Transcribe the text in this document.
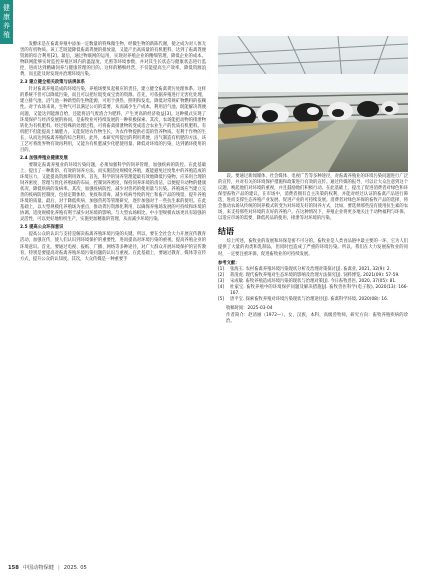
健
康
养
殖

发酵床是在畜禽养殖中添加一定数量的特殊微生物，经微生物的新陈代谢，使之成为对人体无害的有机物质。该工艺既能降低畜禽粪便的排放量，又能产出高质量的有机肥料，达到了畜禽粪便资源的综合利用[2]。最后，通过物联网的运用，实现对养殖企业的精细管理，降低企业的成本。物联网能够实时监控养殖区域内的温湿度、光照等环境参数，并对其生长状态与健康状态进行监控，进而达到精确饲养与健康管理的目的。这样的精细经营，不仅能提高生产效率，降低资源浪费，而且能及时发现并治理环境污染。

2.3 建立健全相关政策与法规体系

针对畜禽养殖造成的环境污染，养殖场要负起相应的责任，建立健全畜禽粪污处理体系。这样的系统不但可以降低污染，而且可以把垃圾变成宝贵的资源。首先，可依据养殖进行无害化处理，建立排气池、沼气池一种新型的生物能源，可用于供热、照明和发电。降低对常规矿物燃料的依赖性。对于农场来说，生物气可以满足公司的需要，从而减少生产成本，利用沼气池，既能解决粪便问题，又能达到能源自给，还能将沼气废渣合为肥料，产生更高的经济收益[3]。这种模式实现了环境保护与经济发展的协同，是畜牧业可持续发展的一种积极探索。其次，农场能把动物的排泄物转化为有机肥料。经过特殊的处理过程，可将畜禽排泄物转变成适合农业生产的优质有机肥料。有机肥不但能提高土壤肥力，又能促进农作物生长，为农作物提供必需的营养物质。有利于作物的生长，从而达到畜禽养殖的综合利用。此外，本研究所提出的利用粪便、沼气制造有机肥的方法，该工艺可将废弃物有效再利用，又能为有机肥减少化肥使用量。降低对环境的污染，达到循环使用的目的。

2.4 加强养殖业健康发展

要制定畜禽养殖业的环境污染问题，必须加强科学的饲养管理，加强疾病的防控。在此基础上，提出了一种新的、有效的饲养方法。而实施适度规模化养殖，既能避免过度集中的养殖造成的环境压力，又能提高资源利用效率。首先，科学的饲养管理能最有效地降低污染物。应采用合理的饲养密度、管理与优化养殖场的布局，控制饲养密度，保持饲养环境的清洁，以便提升动物的健康状况，降低疾病的发病率。其次，加强疫病防控，减少对兽药的使用量与污染。养殖场应当建立完善的疫病防控制度，包括定期体检、免疫和消毒，减少疾病导致的死亡和畜产品的残留，提升养殖环境的质量。最后，对于降低疾病、加强兽药等管理研究，逐步加强对于一些抗生素的使用。在此基础上，以大型规模化养殖场为重点，推动粪污资源化利用，以确保养殖场发展的可持续和环境的协调。适度规模化养殖有利于减少对环境的影响。与大型农场相比，中小型规模农场更具有较强的灵活性，可以更好地组织生产，实施更加精准的管理，从而减少环境污染。

2.5 提高公众环保意识

提高公众的认识与支持是解决畜禽养殖环境污染的关键。所以，要在全社会大力开展宣传教育活动，加强宣传，使人们认识到环境保护的重要性，进而提高对环境污染的重视，提高养殖企业的环境意识。首先，要通过电视、报纸、广播、网络等多种途径，对广大群众开展环境保护的宣传教育，特别是要提高对畜禽养殖环境污染问题的认识与重视。在此基础上，要通过教育、媒体等宣传方式，提升公众的认知度。其次，大众传媒是一种重要手

段。要通过新闻媒体、社会媒体、电视广告等多种途径，对畜禽养殖业的环境污染问题进行广泛的宣传，并对有关的环境保护措施和政策进行有效的宣传。通过传媒的报导，可以让大众注意到这个议题，唤起他们对环境的重视，并且鼓励他们积极行动。在此基础上，提出了促进消费者对绿色和环保型畜牧产品的建议，在市场中，消费者拥有自主决策的权利，并能对经过认证的畜禽产品进行筛选，进而支撑生态养殖产业发展。促进产业的可持续发展。消费者对绿色环保的畜牧产品的选择，将会推动农场从传统的饲养模式转变为对环境友好的饲养方式，比如，要选择那些没有使用抗生素的农场，来支持那些对环境的友好的养殖户。在这种情况下，养殖企业将更多地关注于动物福利与环保，以适应市场的需要，降低药品的使用，排泄等对环境的污染。

结语

综上所述，畜牧业的发展和环保是密不可分的。畜牧业是人类食品链中最主要的一环，它为人们提供了大量的肉类和乳制品，但同时也造成了严重的环境污染。所以，我们在大力发展畜牧业的同时，一定要注重环保，促进畜牧业的可持续发展。

参考文献：
[1]	张海玉. 农村畜禽养殖环境污染现状分析及治理对策探讨[J]. 畜禽业, 2021, 32(9): 2.
[2]	蒋清虎. 现代畜牧养殖对生态环境的影响及治理方法探究[J]. 饲料博览, 2021(09): 57-59.
[3]	宋成敏. 畜牧养殖造成环境污染的现状与治理对策[J]. 今日畜牧兽医, 2020, 37(05): 81.
[4]	杜家宝. 畜牧养殖中的环境保护问题及解决措施[J]. 畜牧兽医科学(电子版), 2020(13): 166-167.
[5]	唐平宝. 探索畜牧养殖对环境污染现状与治理途径[J]. 畜禽科学环境, 2020(08): 16.
收稿时间：2025-03-04
作者简介：赵清丽（1972—），女，汉族，本科，高级兽牧师，研究方向：畜牧养殖疾病的诊治。
158 中国动物保健 | 2025. 05
